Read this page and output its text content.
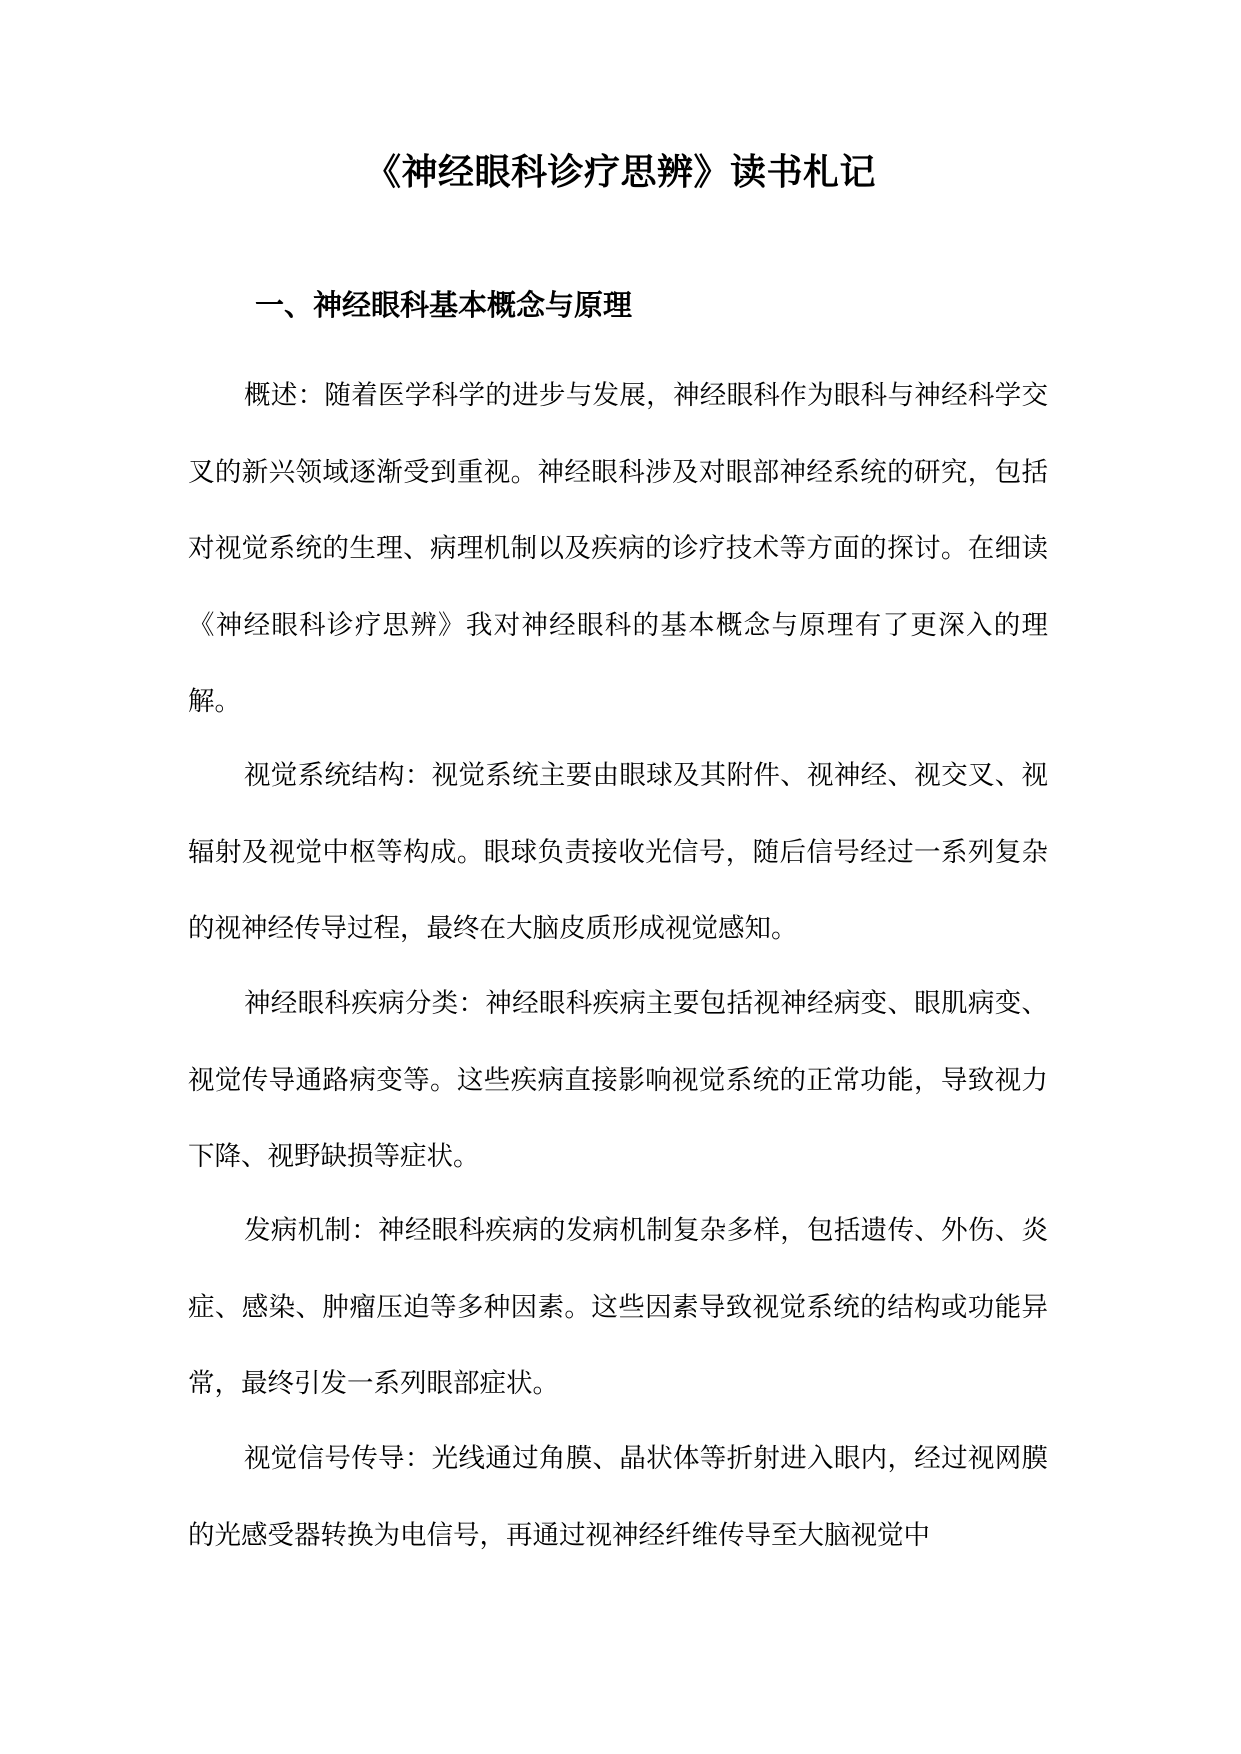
《神经眼科诊疗思辨》读书札记
一、神经眼科基本概念与原理

概述：随着医学科学的进步与发展，神经眼科作为眼科与神经科学交叉的新兴领域逐渐受到重视。神经眼科涉及对眼部神经系统的研究，包括对视觉系统的生理、病理机制以及疾病的诊疗技术等方面的探讨。在细读《神经眼科诊疗思辨》我对神经眼科的基本概念与原理有了更深入的理解。

视觉系统结构：视觉系统主要由眼球及其附件、视神经、视交叉、视辐射及视觉中枢等构成。眼球负责接收光信号，随后信号经过一系列复杂的视神经传导过程，最终在大脑皮质形成视觉感知。

神经眼科疾病分类：神经眼科疾病主要包括视神经病变、眼肌病变、视觉传导通路病变等。这些疾病直接影响视觉系统的正常功能，导致视力下降、视野缺损等症状。

发病机制：神经眼科疾病的发病机制复杂多样，包括遗传、外伤、炎症、感染、肿瘤压迫等多种因素。这些因素导致视觉系统的结构或功能异常，最终引发一系列眼部症状。

视觉信号传导：光线通过角膜、晶状体等折射进入眼内，经过视网膜的光感受器转换为电信号，再通过视神经纤维传导至大脑视觉中
